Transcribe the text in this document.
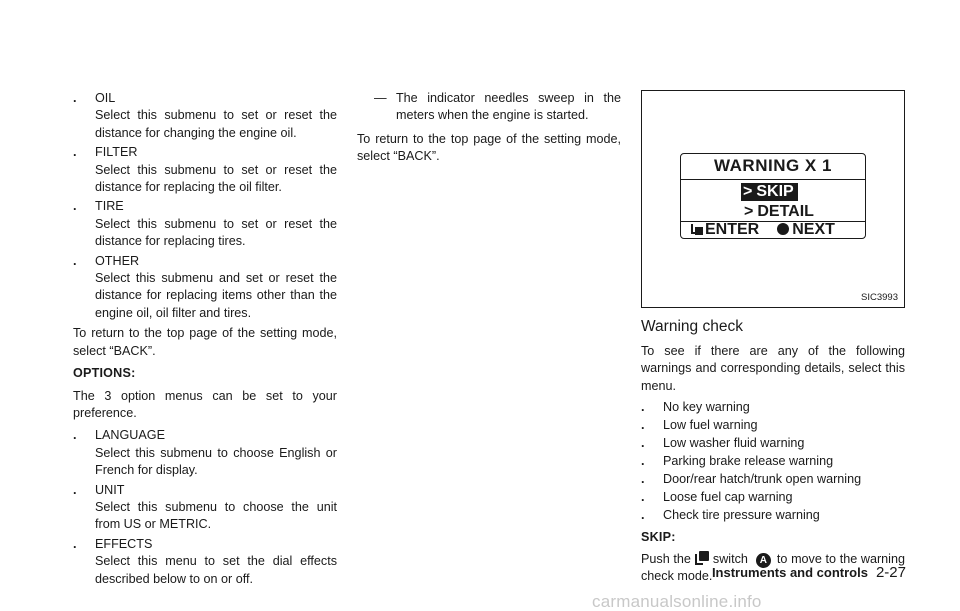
. OIL
Select this submenu to set or reset the distance for changing the engine oil.
. FILTER
Select this submenu to set or reset the distance for replacing the oil filter.
. TIRE
Select this submenu to set or reset the distance for replacing tires.
. OTHER
Select this submenu and set or reset the distance for replacing items other than the engine oil, oil filter and tires.

To return to the top page of the setting mode, select “BACK”.

OPTIONS:

The 3 option menus can be set to your preference.

. LANGUAGE
Select this submenu to choose English or French for display.
. UNIT
Select this submenu to choose the unit from US or METRIC.
. EFFECTS
Select this menu to set the dial effects described below to on or off.

— The indicator needles sweep in the meters when the engine is started.

To return to the top page of the setting mode, select “BACK”.	WARNING X 1
> SKIP
> DETAIL
ENTER NEXT
SIC3993
Warning check

To see if there are any of the following warnings and corresponding details, select this menu.

. No key warning
. Low fuel warning
. Low washer fluid warning
. Parking brake release warning
. Door/rear hatch/trunk open warning
. Loose fuel cap warning
. Check tire pressure warning

SKIP:

Push the switch A to move to the warning check mode. Instruments and controls 2-27
carmanualsonline.info
